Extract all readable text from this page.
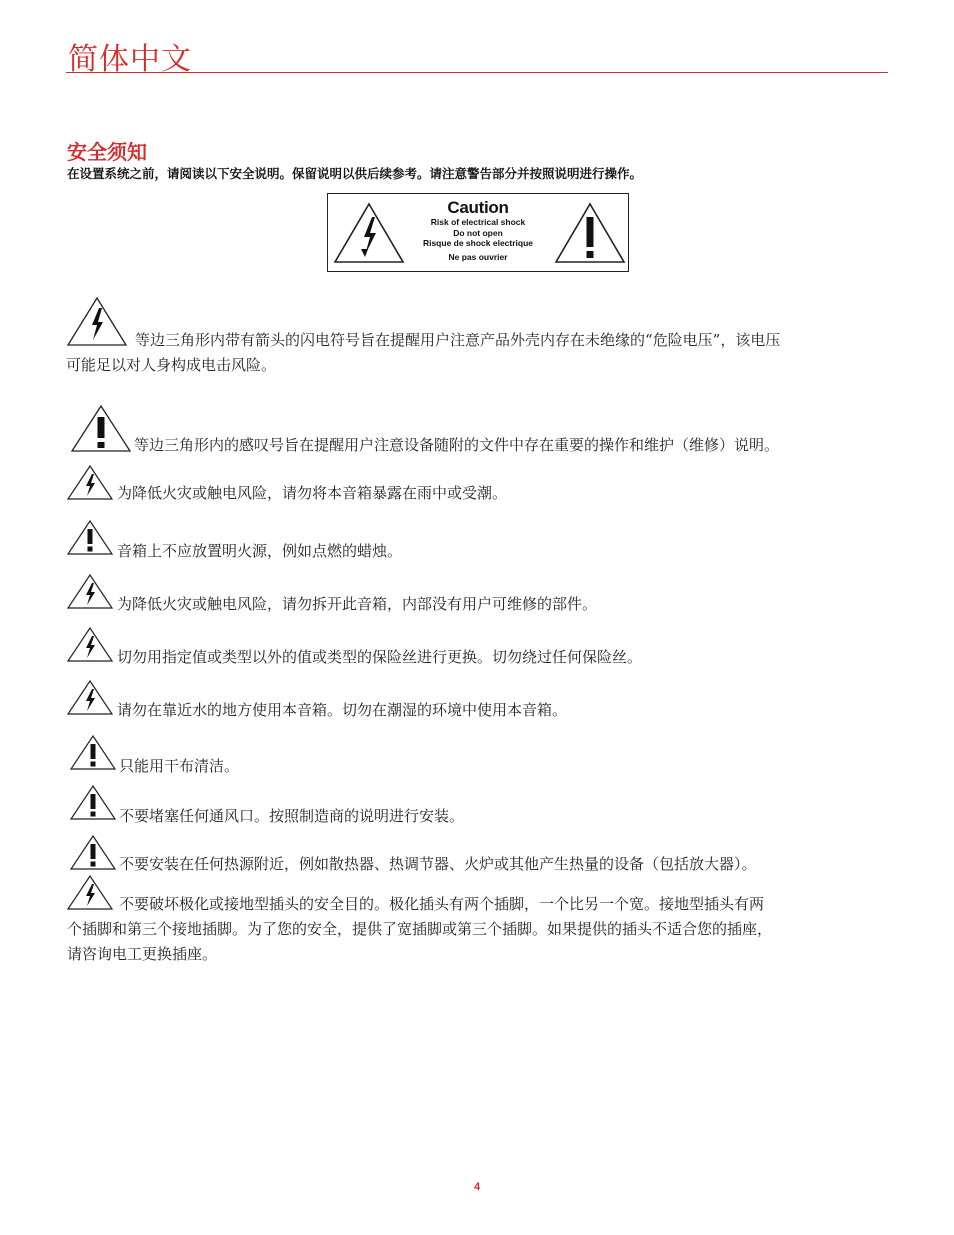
简体中文
安全须知
在设置系统之前，请阅读以下安全说明。保留说明以供后续参考。请注意警告部分并按照说明进行操作。
Caution
Risk of electrical shock
Do not open
Risque de shock electrique
Ne pas ouvrier
等边三角形内带有箭头的闪电符号旨在提醒用户注意产品外壳内存在未绝缘的“危险电压”，该电压
可能足以对人身构成电击风险。
等边三角形内的感叹号旨在提醒用户注意设备随附的文件中存在重要的操作和维护（维修）说明。
为降低火灾或触电风险，请勿将本音箱暴露在雨中或受潮。
音箱上不应放置明火源，例如点燃的蜡烛。
为降低火灾或触电风险，请勿拆开此音箱，内部没有用户可维修的部件。
切勿用指定值或类型以外的值或类型的保险丝进行更换。切勿绕过任何保险丝。
请勿在靠近水的地方使用本音箱。切勿在潮湿的环境中使用本音箱。
只能用干布清洁。
不要堵塞任何通风口。按照制造商的说明进行安装。
不要安装在任何热源附近，例如散热器、热调节器、火炉或其他产生热量的设备（包括放大器）。
不要破坏极化或接地型插头的安全目的。极化插头有两个插脚，一个比另一个宽。接地型插头有两
个插脚和第三个接地插脚。为了您的安全，提供了宽插脚或第三个插脚。如果提供的插头不适合您的插座，
请咨询电工更换插座。
4
